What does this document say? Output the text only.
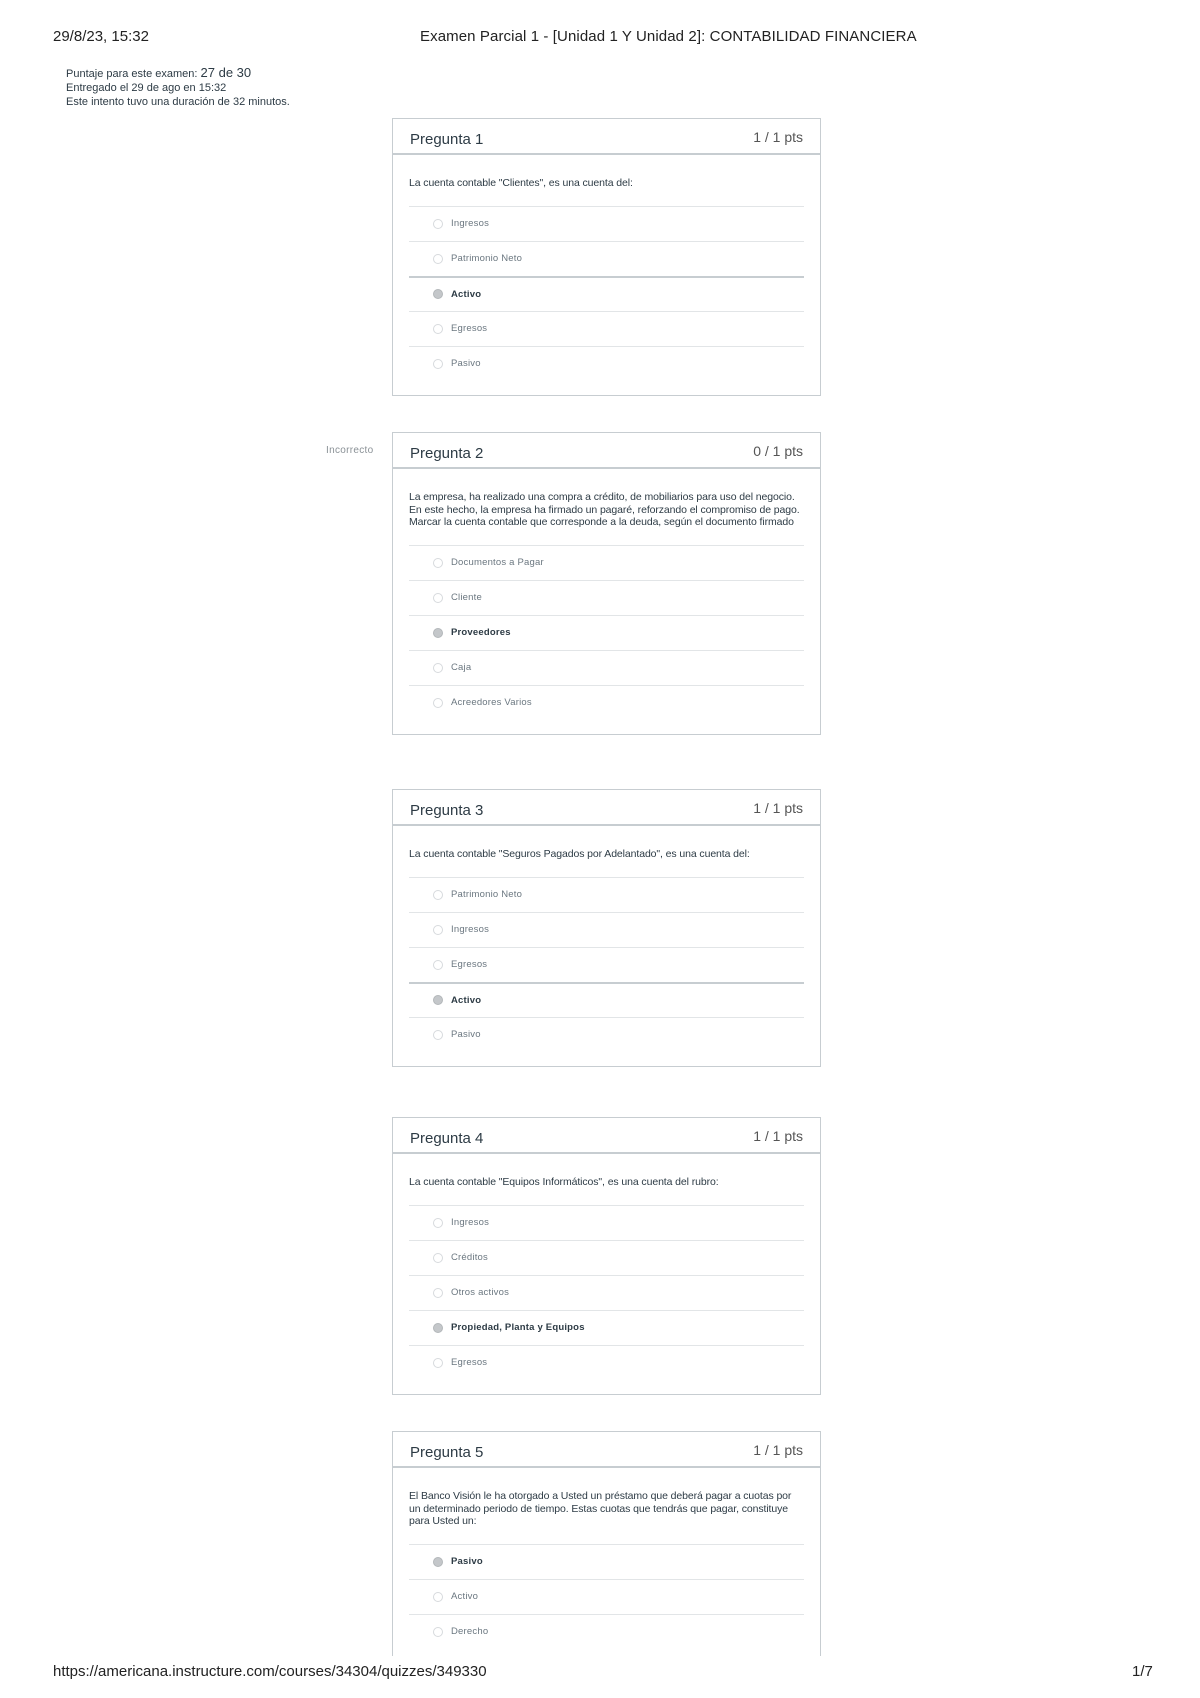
29/8/23, 15:32	Examen Parcial 1 - [Unidad 1 Y Unidad 2]: CONTABILIDAD FINANCIERA
Puntaje para este examen: 27 de 30
Entregado el 29 de ago en 15:32
Este intento tuvo una duración de 32 minutos.
Incorrecto
Pregunta 1	1 / 1 pts
La cuenta contable "Clientes", es una cuenta del:
Ingresos
Patrimonio Neto
Activo
Egresos
Pasivo
Pregunta 2	0 / 1 pts
La empresa, ha realizado una compra a crédito, de mobiliarios para uso del negocio. En este hecho, la empresa ha firmado un pagaré, reforzando el compromiso de pago. Marcar la cuenta contable que corresponde a la deuda, según el documento firmado
Documentos a Pagar
Cliente
Proveedores
Caja
Acreedores Varios
Pregunta 3	1 / 1 pts
La cuenta contable "Seguros Pagados por Adelantado", es una cuenta del:
Patrimonio Neto
Ingresos
Egresos
Activo
Pasivo
Pregunta 4	1 / 1 pts
La cuenta contable "Equipos Informáticos", es una cuenta del rubro:
Ingresos
Créditos
Otros activos
Propiedad, Planta y Equipos
Egresos
Pregunta 5	1 / 1 pts
El Banco Visión le ha otorgado a Usted un préstamo que deberá pagar a cuotas por un determinado periodo de tiempo. Estas cuotas que tendrás que pagar, constituye para Usted un:
Pasivo
Activo
Derecho
https://americana.instructure.com/courses/34304/quizzes/349330	1/7
